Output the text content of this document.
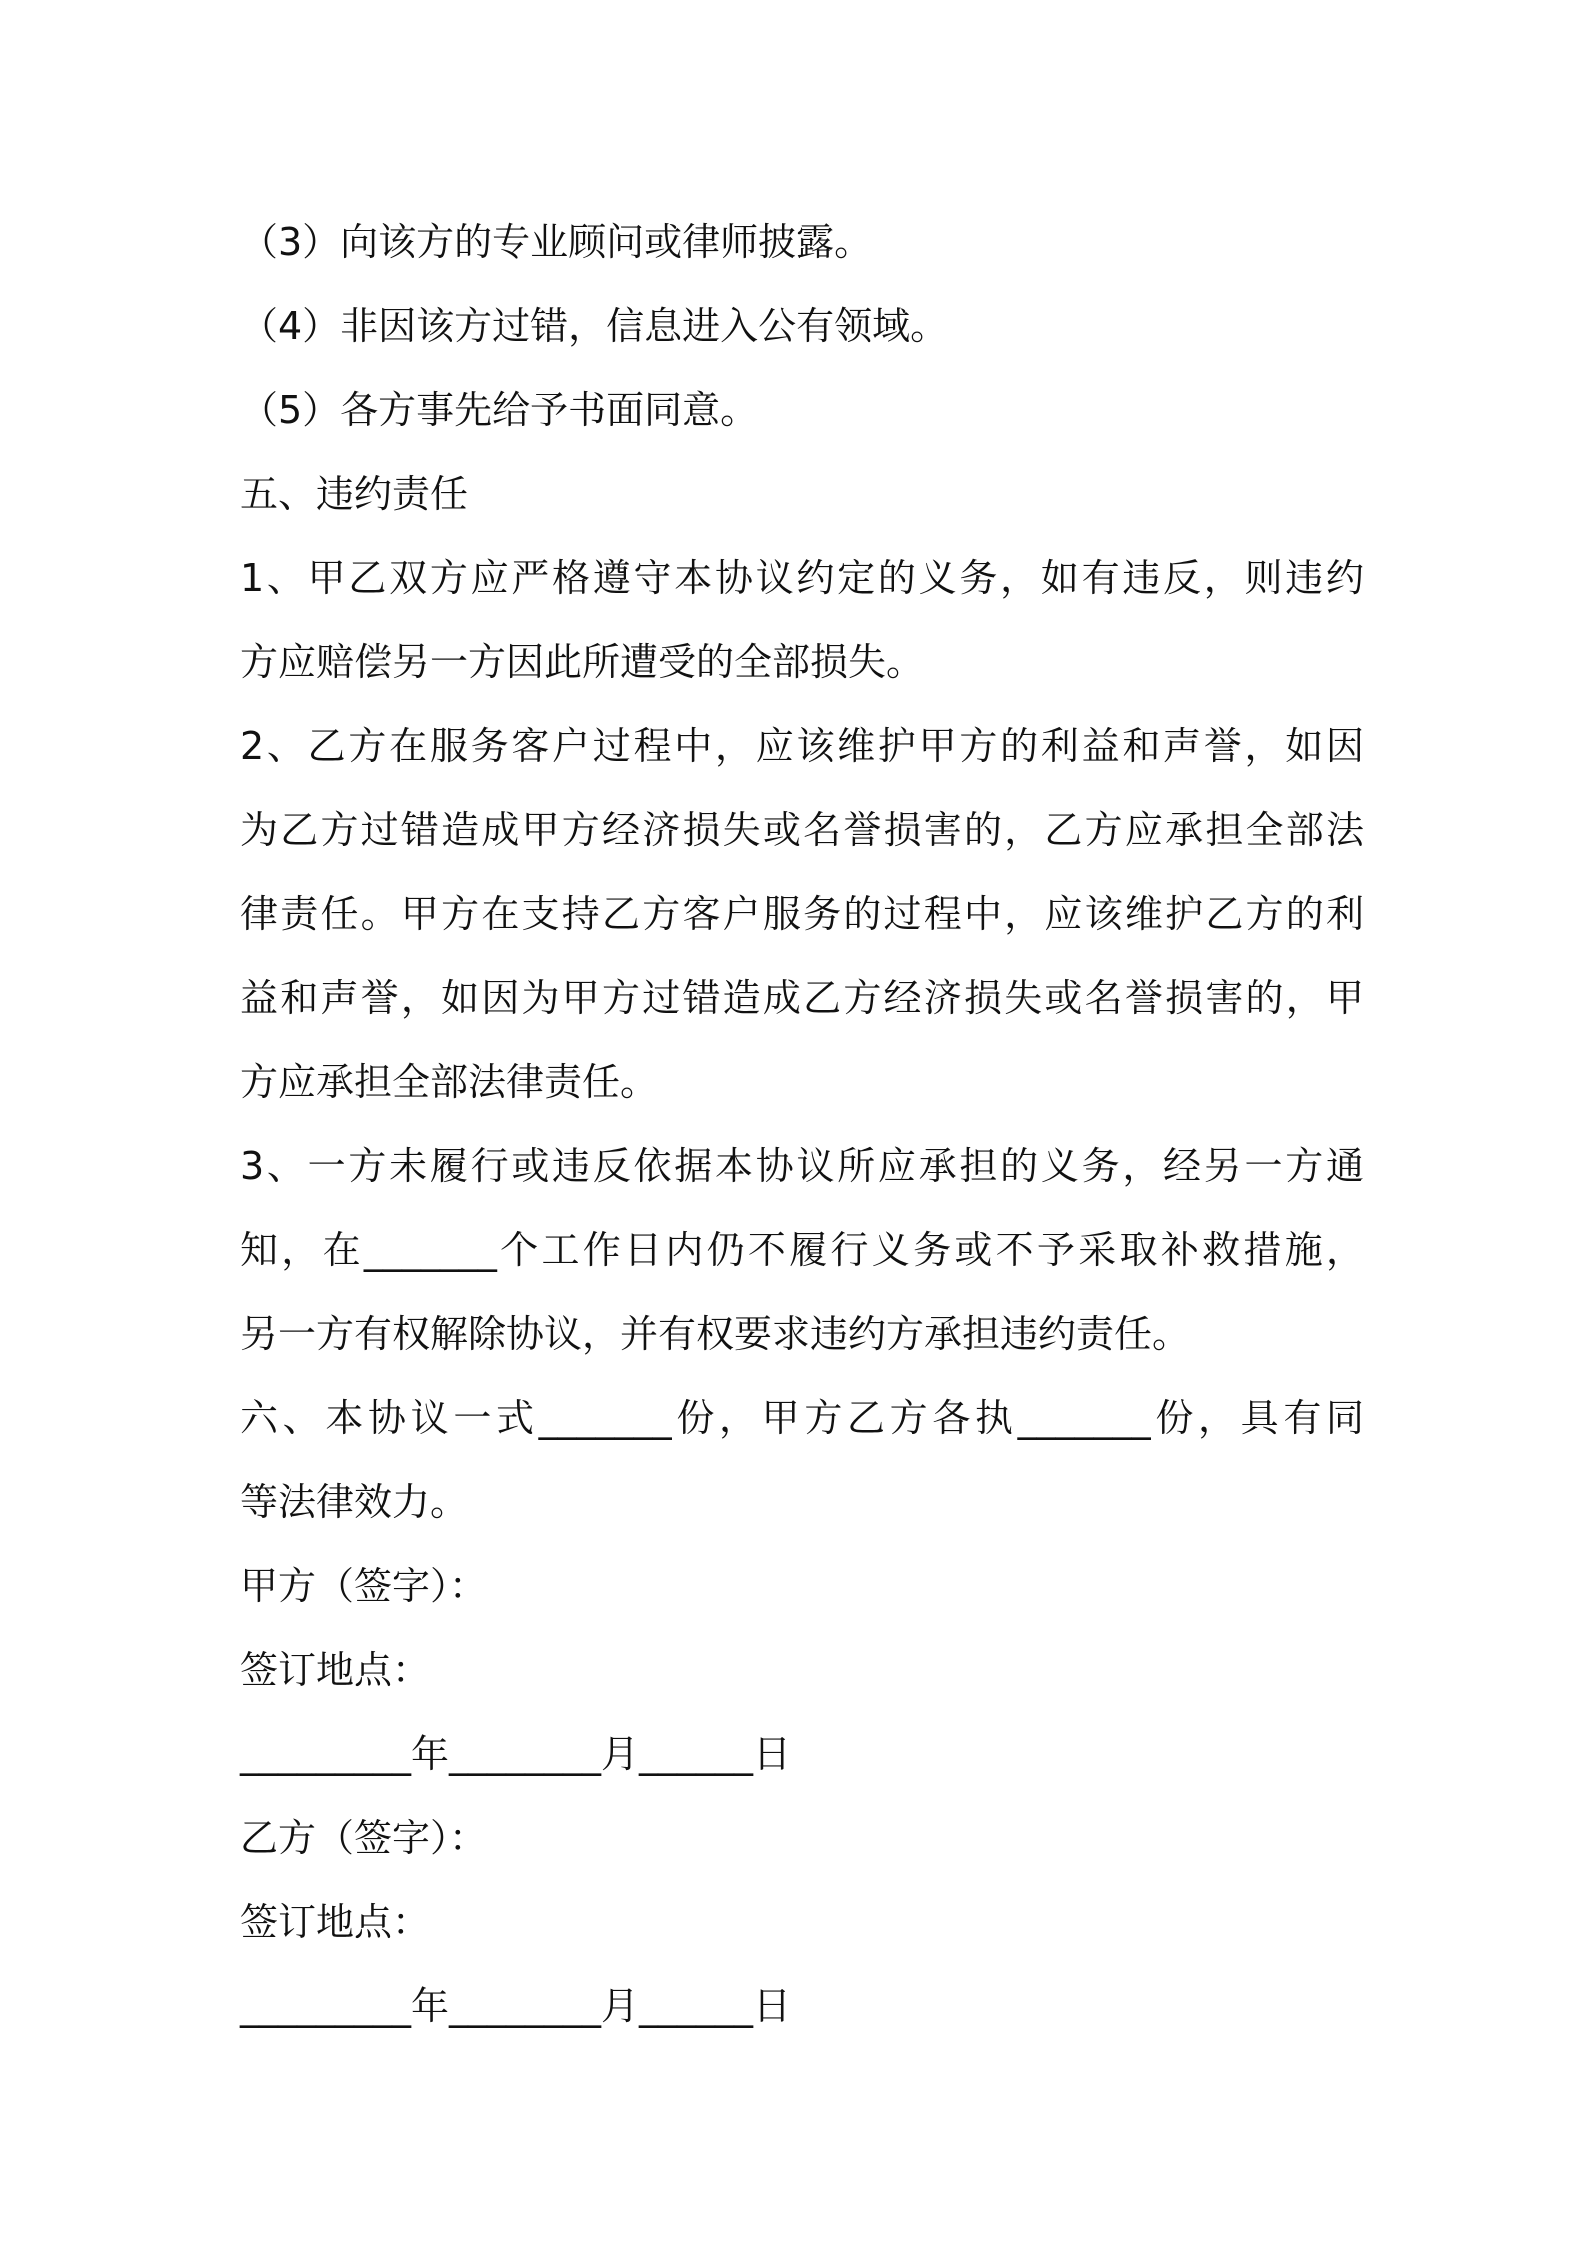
（3）向该方的专业顾问或律师披露。

（4）非因该方过错，信息进入公有领域。

（5）各方事先给予书面同意。

五、违约责任

1、甲乙双方应严格遵守本协议约定的义务，如有违反，则违约

方应赔偿另一方因此所遭受的全部损失。

2、乙方在服务客户过程中，应该维护甲方的利益和声誉，如因

为乙方过错造成甲方经济损失或名誉损害的，乙方应承担全部法

律责任。甲方在支持乙方客户服务的过程中，应该维护乙方的利

益和声誉，如因为甲方过错造成乙方经济损失或名誉损害的，甲

方应承担全部法律责任。

3、一方未履行或违反依据本协议所应承担的义务，经另一方通

知，在_______个工作日内仍不履行义务或不予采取补救措施，

另一方有权解除协议，并有权要求违约方承担违约责任。

六、本协议一式_______份，甲方乙方各执_______份，具有同

等法律效力。

甲方（签字）：

签订地点：

_________年________月______日

乙方（签字）：

签订地点：

_________年________月______日
